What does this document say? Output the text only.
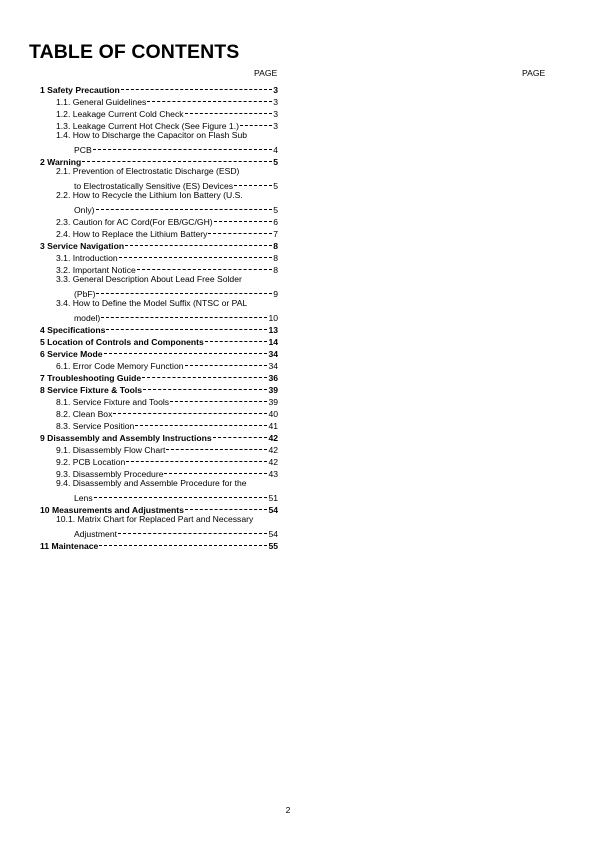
TABLE OF CONTENTS
PAGE	PAGE
1 Safety Precaution	3
1.1. General Guidelines	3
1.2. Leakage Current Cold Check	3
1.3. Leakage Current Hot Check (See Figure 1.)	3
1.4. How to Discharge the Capacitor on Flash Sub
PCB	4
2 Warning	5
2.1. Prevention of Electrostatic Discharge (ESD)
to Electrostatically Sensitive (ES) Devices	5
2.2. How to Recycle the Lithium Ion Battery (U.S.
Only)	5
2.3. Caution for AC Cord(For EB/GC/GH)	6
2.4. How to Replace the Lithium Battery	7
3 Service Navigation	8
3.1. Introduction	8
3.2. Important Notice	8
3.3. General Description About Lead Free Solder
(PbF)	9
3.4. How to Define the Model Suffix (NTSC or PAL
model)	10
4 Specifications	13
5 Location of Controls and Components	14
6 Service Mode	34
6.1. Error Code Memory Function	34
7 Troubleshooting Guide	36
8 Service Fixture & Tools	39
8.1. Service Fixture and Tools	39
8.2. Clean Box	40
8.3. Service Position	41
9 Disassembly and Assembly Instructions	42
9.1. Disassembly Flow Chart	42
9.2. PCB Location	42
9.3. Disassembly Procedure	43
9.4. Disassembly and Assemble Procedure for the
Lens	51
10 Measurements and Adjustments	54
10.1. Matrix Chart for Replaced Part and Necessary
Adjustment	54
11 Maintenace	55
2
